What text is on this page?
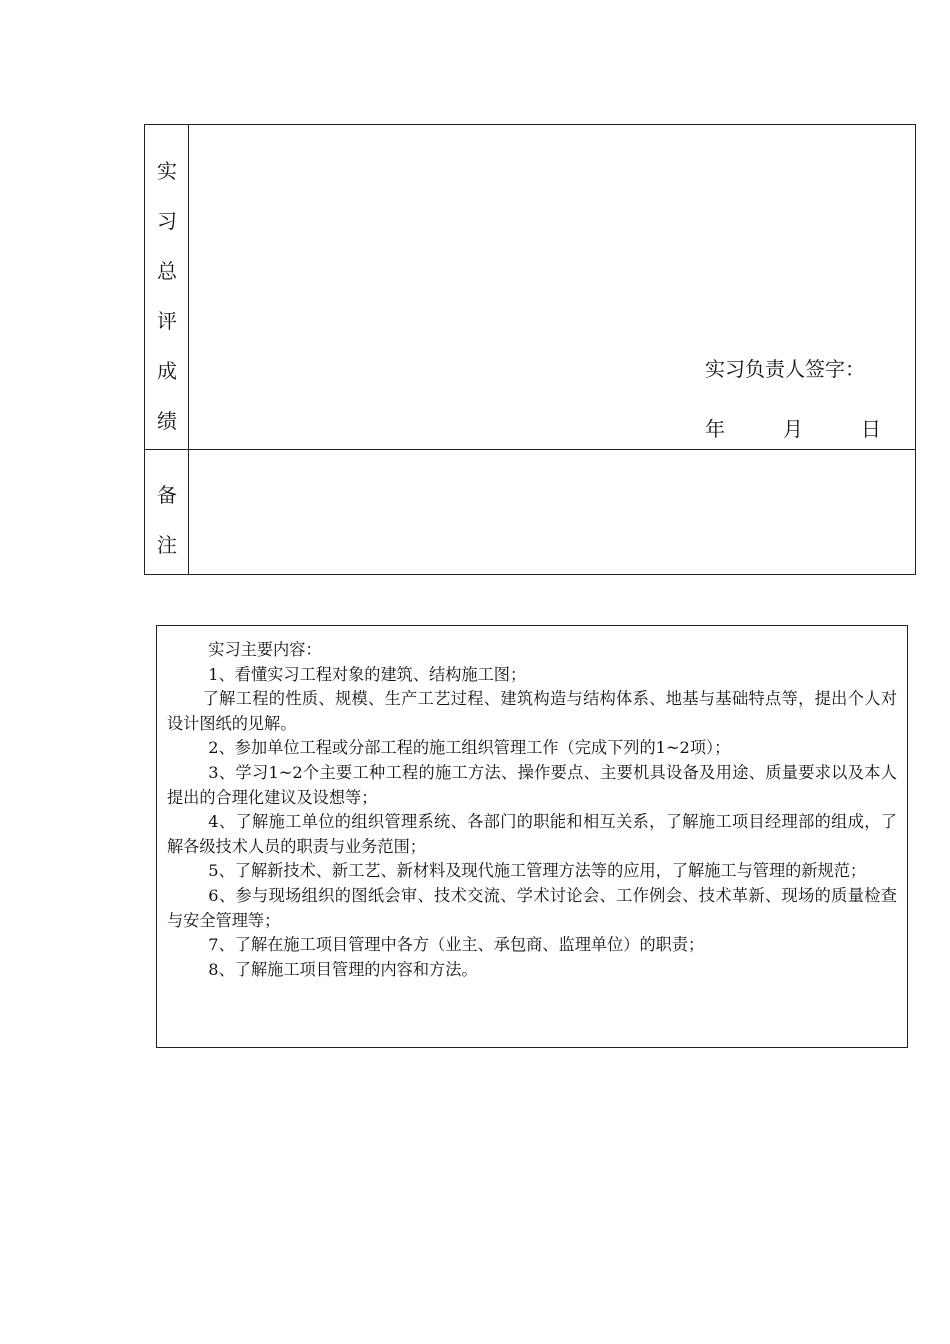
实
习
总
评
成
绩
实习负责人签字：
年	月	日
备
注

实习主要内容：

1、看懂实习工程对象的建筑、结构施工图；

了解工程的性质、规模、生产工艺过程、建筑构造与结构体系、地基与基础特点等，提出个人对设计图纸的见解。

2、参加单位工程或分部工程的施工组织管理工作（完成下列的1~2项）；

3、学习1~2个主要工种工程的施工方法、操作要点、主要机具设备及用途、质量要求以及本人提出的合理化建议及设想等；

4、了解施工单位的组织管理系统、各部门的职能和相互关系，了解施工项目经理部的组成，了解各级技术人员的职责与业务范围；

5、了解新技术、新工艺、新材料及现代施工管理方法等的应用，了解施工与管理的新规范；

6、参与现场组织的图纸会审、技术交流、学术讨论会、工作例会、技术革新、现场的质量检查与安全管理等；

7、了解在施工项目管理中各方（业主、承包商、监理单位）的职责；

8、了解施工项目管理的内容和方法。
